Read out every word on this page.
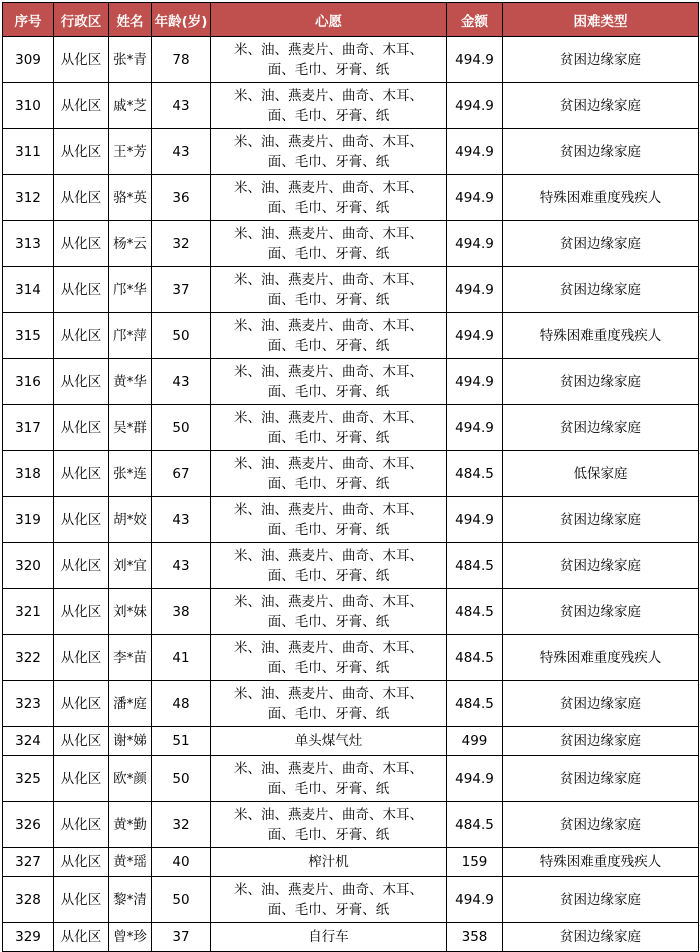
序号	行政区	姓名	年龄(岁)	心愿	金额	困难类型
309	从化区	张*青	78	米、油、燕麦片、曲奇、木耳、
面、毛巾、牙膏、纸	494.9	贫困边缘家庭
310	从化区	戚*芝	43	米、油、燕麦片、曲奇、木耳、
面、毛巾、牙膏、纸	494.9	贫困边缘家庭
311	从化区	王*芳	43	米、油、燕麦片、曲奇、木耳、
面、毛巾、牙膏、纸	494.9	贫困边缘家庭
312	从化区	骆*英	36	米、油、燕麦片、曲奇、木耳、
面、毛巾、牙膏、纸	494.9	特殊困难重度残疾人
313	从化区	杨*云	32	米、油、燕麦片、曲奇、木耳、
面、毛巾、牙膏、纸	494.9	贫困边缘家庭
314	从化区	邝*华	37	米、油、燕麦片、曲奇、木耳、
面、毛巾、牙膏、纸	494.9	贫困边缘家庭
315	从化区	邝*萍	50	米、油、燕麦片、曲奇、木耳、
面、毛巾、牙膏、纸	494.9	特殊困难重度残疾人
316	从化区	黄*华	43	米、油、燕麦片、曲奇、木耳、
面、毛巾、牙膏、纸	494.9	贫困边缘家庭
317	从化区	吴*群	50	米、油、燕麦片、曲奇、木耳、
面、毛巾、牙膏、纸	494.9	贫困边缘家庭
318	从化区	张*连	67	米、油、燕麦片、曲奇、木耳、
面、毛巾、牙膏、纸	484.5	低保家庭
319	从化区	胡*姣	43	米、油、燕麦片、曲奇、木耳、
面、毛巾、牙膏、纸	494.9	贫困边缘家庭
320	从化区	刘*宜	43	米、油、燕麦片、曲奇、木耳、
面、毛巾、牙膏、纸	484.5	贫困边缘家庭
321	从化区	刘*妹	38	米、油、燕麦片、曲奇、木耳、
面、毛巾、牙膏、纸	484.5	贫困边缘家庭
322	从化区	李*苗	41	米、油、燕麦片、曲奇、木耳、
面、毛巾、牙膏、纸	484.5	特殊困难重度残疾人
323	从化区	潘*庭	48	米、油、燕麦片、曲奇、木耳、
面、毛巾、牙膏、纸	484.5	贫困边缘家庭
324	从化区	谢*娣	51	单头煤气灶	499	贫困边缘家庭
325	从化区	欧*颜	50	米、油、燕麦片、曲奇、木耳、
面、毛巾、牙膏、纸	494.9	贫困边缘家庭
326	从化区	黄*勤	32	米、油、燕麦片、曲奇、木耳、
面、毛巾、牙膏、纸	484.5	贫困边缘家庭
327	从化区	黄*瑶	40	榨汁机	159	特殊困难重度残疾人
328	从化区	黎*清	50	米、油、燕麦片、曲奇、木耳、
面、毛巾、牙膏、纸	494.9	贫困边缘家庭
329	从化区	曾*珍	37	自行车	358	贫困边缘家庭
